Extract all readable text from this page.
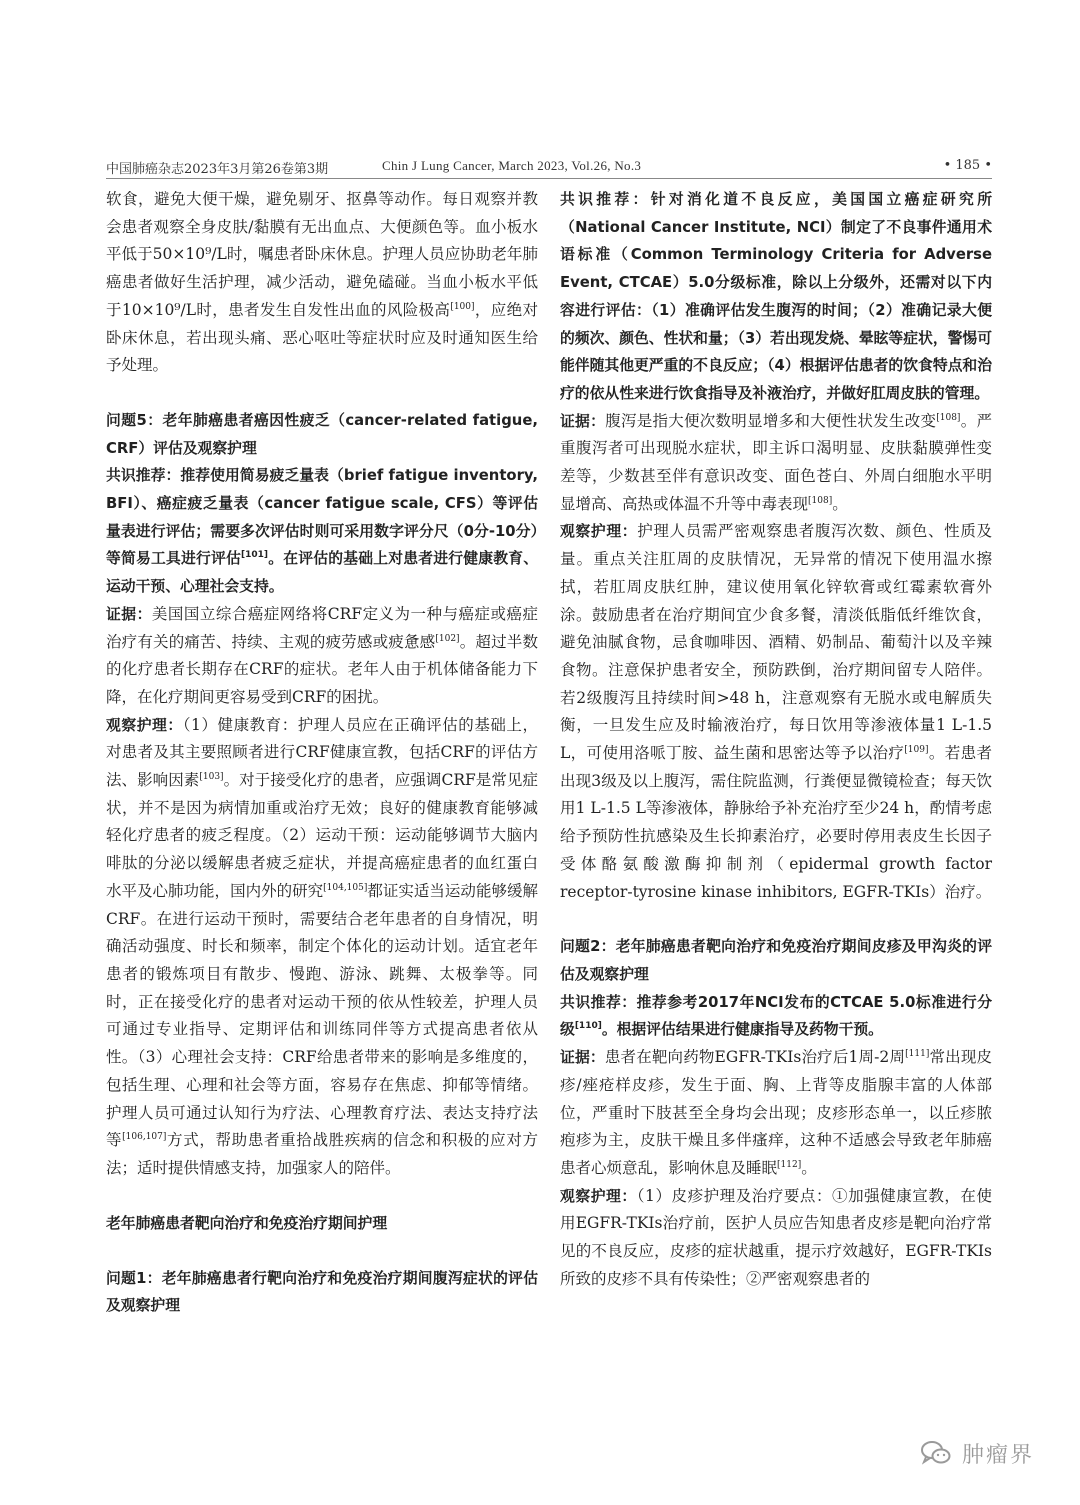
中国肺癌杂志2023年3月第26卷第3期	Chin J Lung Cancer, March 2023, Vol.26, No.3	• 185 •

软食，避免大便干燥，避免剔牙、抠鼻等动作。每日观察并教会患者观察全身皮肤/黏膜有无出血点、大便颜色等。血小板水平低于50×10⁹/L时，嘱患者卧床休息。护理人员应协助老年肺癌患者做好生活护理，减少活动，避免磕碰。当血小板水平低于10×10⁹/L时，患者发生自发性出血的风险极高[100]，应绝对卧床休息，若出现头痛、恶心呕吐等症状时应及时通知医生给予处理。

问题5：老年肺癌患者癌因性疲乏（cancer-related fatigue, CRF）评估及观察护理

共识推荐：推荐使用简易疲乏量表（brief fatigue inventory, BFI）、癌症疲乏量表（cancer fatigue scale, CFS）等评估量表进行评估；需要多次评估时则可采用数字评分尺（0分-10分）等简易工具进行评估[101]。在评估的基础上对患者进行健康教育、运动干预、心理社会支持。

证据：美国国立综合癌症网络将CRF定义为一种与癌症或癌症治疗有关的痛苦、持续、主观的疲劳感或疲惫感[102]。超过半数的化疗患者长期存在CRF的症状。老年人由于机体储备能力下降，在化疗期间更容易受到CRF的困扰。

观察护理：（1）健康教育：护理人员应在正确评估的基础上，对患者及其主要照顾者进行CRF健康宣教，包括CRF的评估方法、影响因素[103]。对于接受化疗的患者，应强调CRF是常见症状，并不是因为病情加重或治疗无效；良好的健康教育能够减轻化疗患者的疲乏程度。（2）运动干预：运动能够调节大脑内啡肽的分泌以缓解患者疲乏症状，并提高癌症患者的血红蛋白水平及心肺功能，国内外的研究[104,105]都证实适当运动能够缓解CRF。在进行运动干预时，需要结合老年患者的自身情况，明确活动强度、时长和频率，制定个体化的运动计划。适宜老年患者的锻炼项目有散步、慢跑、游泳、跳舞、太极拳等。同时，正在接受化疗的患者对运动干预的依从性较差，护理人员可通过专业指导、定期评估和训练同伴等方式提高患者依从性。（3）心理社会支持：CRF给患者带来的影响是多维度的，包括生理、心理和社会等方面，容易存在焦虑、抑郁等情绪。护理人员可通过认知行为疗法、心理教育疗法、表达支持疗法等[106,107]方式，帮助患者重拾战胜疾病的信念和积极的应对方法；适时提供情感支持，加强家人的陪伴。

老年肺癌患者靶向治疗和免疫治疗期间护理

问题1：老年肺癌患者行靶向治疗和免疫治疗期间腹泻症状的评估及观察护理

共识推荐：针对消化道不良反应，美国国立癌症研究所（National Cancer Institute, NCI）制定了不良事件通用术语标准（Common Terminology Criteria for Adverse Event, CTCAE）5.0分级标准，除以上分级外，还需对以下内容进行评估：（1）准确评估发生腹泻的时间；（2）准确记录大便的频次、颜色、性状和量；（3）若出现发烧、晕眩等症状，警惕可能伴随其他更严重的不良反应；（4）根据评估患者的饮食特点和治疗的依从性来进行饮食指导及补液治疗，并做好肛周皮肤的管理。

证据：腹泻是指大便次数明显增多和大便性状发生改变[108]。严重腹泻者可出现脱水症状，即主诉口渴明显、皮肤黏膜弹性变差等，少数甚至伴有意识改变、面色苍白、外周白细胞水平明显增高、高热或体温不升等中毒表现[108]。

观察护理：护理人员需严密观察患者腹泻次数、颜色、性质及量。重点关注肛周的皮肤情况，无异常的情况下使用温水擦拭，若肛周皮肤红肿，建议使用氧化锌软膏或红霉素软膏外涂。鼓励患者在治疗期间宜少食多餐，清淡低脂低纤维饮食，避免油腻食物，忌食咖啡因、酒精、奶制品、葡萄汁以及辛辣食物。注意保护患者安全，预防跌倒，治疗期间留专人陪伴。若2级腹泻且持续时间>48 h，注意观察有无脱水或电解质失衡，一旦发生应及时输液治疗，每日饮用等渗液体量1 L-1.5 L，可使用洛哌丁胺、益生菌和思密达等予以治疗[109]。若患者出现3级及以上腹泻，需住院监测，行粪便显微镜检查；每天饮用1 L-1.5 L等渗液体，静脉给予补充治疗至少24 h，酌情考虑给予预防性抗感染及生长抑素治疗，必要时停用表皮生长因子受体酪氨酸激酶抑制剂（epidermal growth factor receptor-tyrosine kinase inhibitors, EGFR-TKIs）治疗。

问题2：老年肺癌患者靶向治疗和免疫治疗期间皮疹及甲沟炎的评估及观察护理

共识推荐：推荐参考2017年NCI发布的CTCAE 5.0标准进行分级[110]。根据评估结果进行健康指导及药物干预。

证据：患者在靶向药物EGFR-TKIs治疗后1周-2周[111]常出现皮疹/痤疮样皮疹，发生于面、胸、上背等皮脂腺丰富的人体部位，严重时下肢甚至全身均会出现；皮疹形态单一，以丘疹脓疱疹为主，皮肤干燥且多伴瘙痒，这种不适感会导致老年肺癌患者心烦意乱，影响休息及睡眠[112]。

观察护理：（1）皮疹护理及治疗要点：①加强健康宣教，在使用EGFR-TKIs治疗前，医护人员应告知患者皮疹是靶向治疗常见的不良反应，皮疹的症状越重，提示疗效越好，EGFR-TKIs所致的皮疹不具有传染性；②严密观察患者的

肿瘤界
